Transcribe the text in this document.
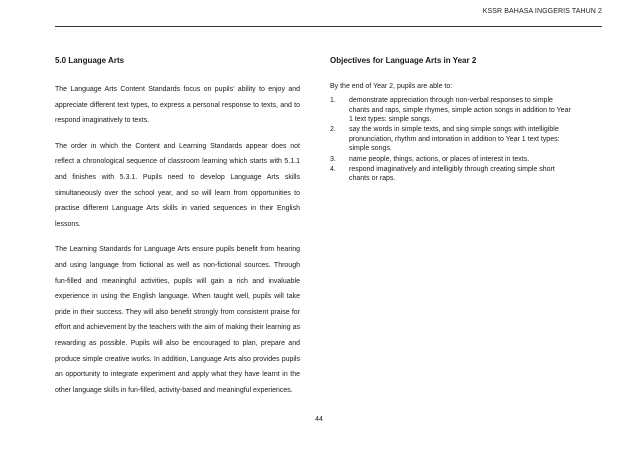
KSSR BAHASA INGGERIS TAHUN 2
5.0 Language Arts

The Language Arts Content Standards focus on pupils’ ability to enjoy and appreciate different text types, to express a personal response to texts, and to respond imaginatively to texts.

The order in which the Content and Learning Standards appear does not reflect a chronological sequence of classroom learning which starts with 5.1.1 and finishes with 5.3.1. Pupils need to develop Language Arts skills simultaneously over the school year, and so will learn from opportunities to practise different Language Arts skills in varied sequences in their English lessons.

The Learning Standards for Language Arts ensure pupils benefit from hearing and using language from fictional as well as non-fictional sources. Through fun-filled and meaningful activities, pupils will gain a rich and invaluable experience in using the English language. When taught well, pupils will take pride in their success. They will also benefit strongly from consistent praise for effort and achievement by the teachers with the aim of making their learning as rewarding as possible. Pupils will also be encouraged to plan, prepare and produce simple creative works. In addition, Language Arts also provides pupils an opportunity to integrate experiment and apply what they have learnt in the other language skills in fun-filled, activity-based and meaningful experiences.

Objectives for Language Arts in Year 2
By the end of Year 2, pupils are able to:
1. demonstrate appreciation through non-verbal responses to simple chants and raps, simple rhymes, simple action songs in addition to Year 1 text types: simple songs.
2. say the words in simple texts, and sing simple songs with intelligible pronunciation, rhythm and intonation in addition to Year 1 text types: simple songs.
3. name people, things, actions, or places of interest in texts.
4. respond imaginatively and intelligibly through creating simple short chants or raps.
44
